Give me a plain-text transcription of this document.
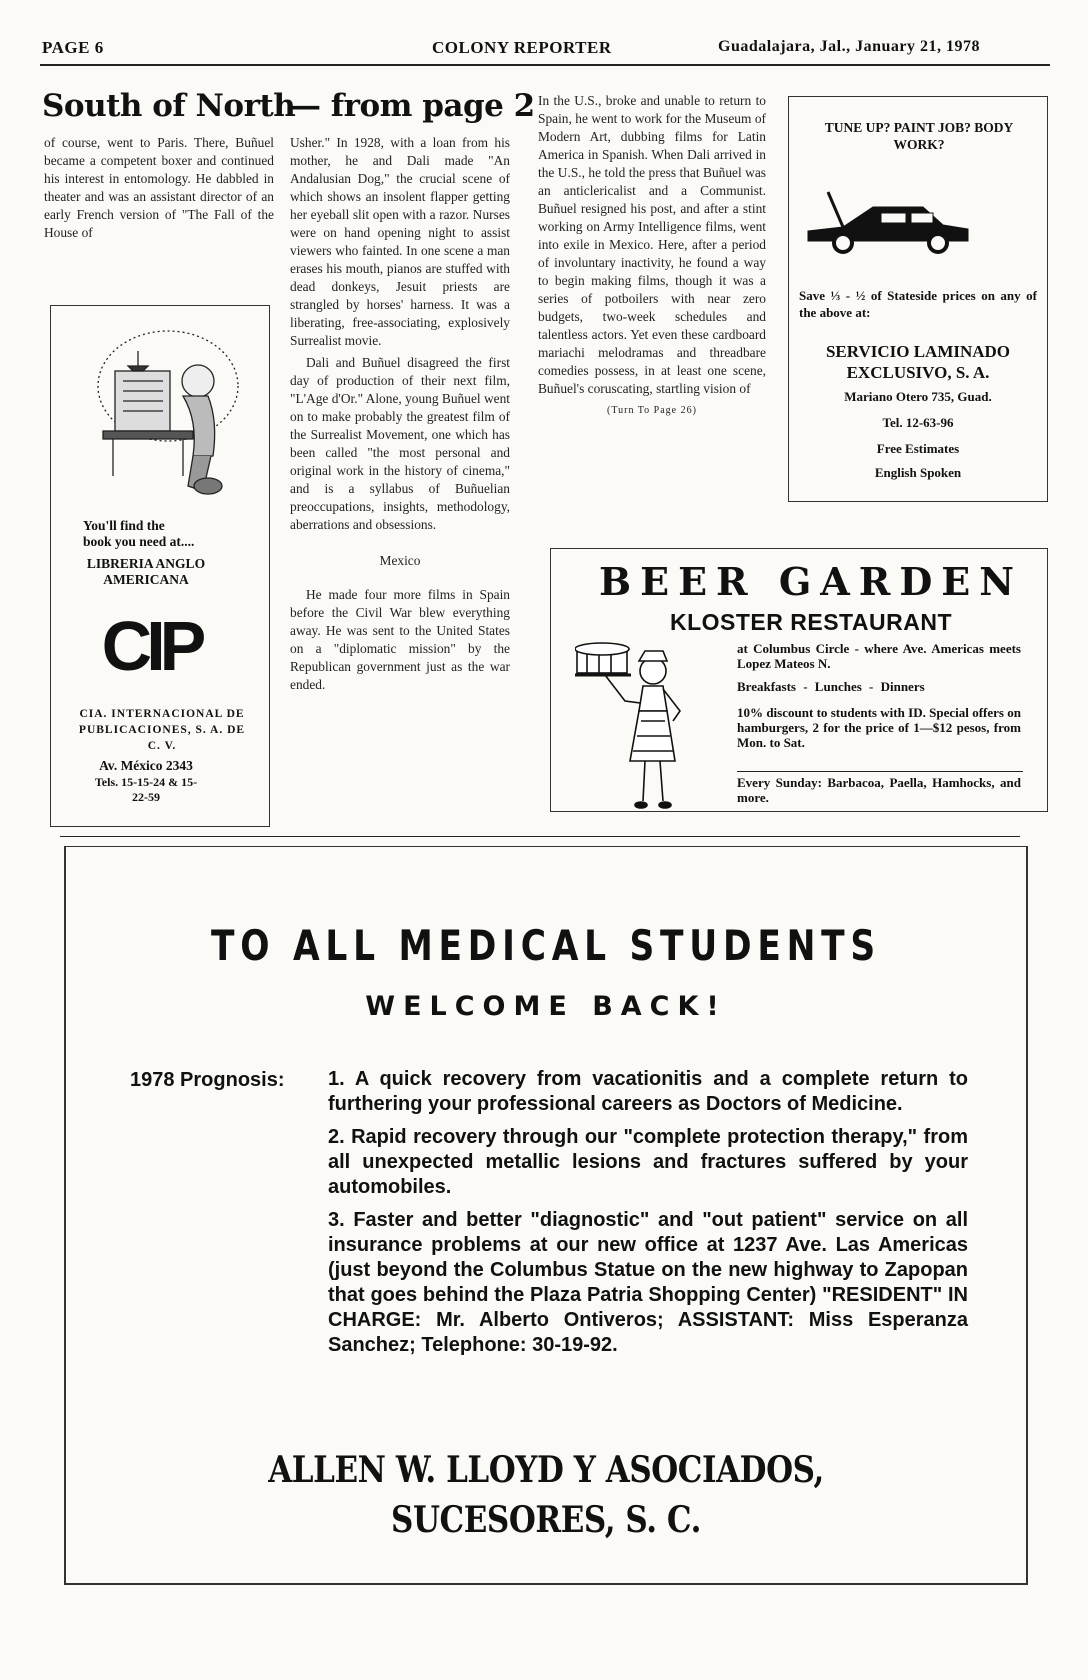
PAGE 6	COLONY REPORTER	Guadalajara, Jal., January 21, 1978
South of North
— from page 2

of course, went to Paris. There, Buñuel became a competent boxer and continued his interest in entomology. He dabbled in theater and was an assistant director of an early French version of "The Fall of the House of

You'll find the
book you need at....
LIBRERIA ANGLO AMERICANA
CIP
CIA. INTERNACIONAL DE PUBLICACIONES, S. A. DE C. V.
Av. México 2343
Tels. 15-15-24 & 15-22-59

Usher." In 1928, with a loan from his mother, he and Dali made "An Andalusian Dog," the crucial scene of which shows an insolent flapper getting her eyeball slit open with a razor. Nurses were on hand opening night to assist viewers who fainted. In one scene a man erases his mouth, pianos are stuffed with dead donkeys, Jesuit priests are strangled by horses' harness. It was a liberating, free-associating, explosively Surrealist movie.

Dali and Buñuel disagreed the first day of production of their next film, "L'Age d'Or." Alone, young Buñuel went on to make probably the greatest film of the Surrealist Movement, one which has been called "the most personal and original work in the history of cinema," and is a syllabus of Buñuelian preoccupations, insights, methodology, aberrations and obsessions.

Mexico

He made four more films in Spain before the Civil War blew everything away. He was sent to the United States on a "diplomatic mission" by the Republican government just as the war ended.

In the U.S., broke and unable to return to Spain, he went to work for the Museum of Modern Art, dubbing films for Latin America in Spanish. When Dali arrived in the U.S., he told the press that Buñuel was an anticlericalist and a Communist. Buñuel resigned his post, and after a stint working on Army Intelligence films, went into exile in Mexico. Here, after a period of involuntary inactivity, he found a way to begin making films, though it was a series of potboilers with near zero budgets, two-week schedules and talentless actors. Yet even these cardboard mariachi melodramas and threadbare comedies possess, in at least one scene, Buñuel's coruscating, startling vision of

(Turn To Page 26)

TUNE UP? PAINT JOB? BODY WORK?
Save ⅓ - ½ of Stateside prices on any of the above at:
SERVICIO LAMINADO EXCLUSIVO, S. A.
Mariano Otero 735, Guad.
Tel. 12-63-96
Free Estimates
English Spoken
BEER GARDEN
KLOSTER RESTAURANT
at Columbus Circle - where Ave. Americas meets Lopez Mateos N.
Breakfasts - Lunches - Dinners
10% discount to students with ID. Special offers on hamburgers, 2 for the price of 1—$12 pesos, from Mon. to Sat.
Every Sunday: Barbacoa, Paella, Hamhocks, and more.
TO ALL MEDICAL STUDENTS
WELCOME BACK!
1978 Prognosis: 1. A quick recovery from vacationitis and a complete return to furthering your professional careers as Doctors of Medicine.
2. Rapid recovery through our "complete protection therapy," from all unexpected metallic lesions and fractures suffered by your automobiles.
3. Faster and better "diagnostic" and "out patient" service on all insurance problems at our new office at 1237 Ave. Las Americas (just beyond the Columbus Statue on the new highway to Zapopan that goes behind the Plaza Patria Shopping Center) "RESIDENT" IN CHARGE: Mr. Alberto Ontiveros; ASSISTANT: Miss Esperanza Sanchez; Telephone: 30-19-92.
ALLEN W. LLOYD Y ASOCIADOS,
SUCESORES, S. C.
